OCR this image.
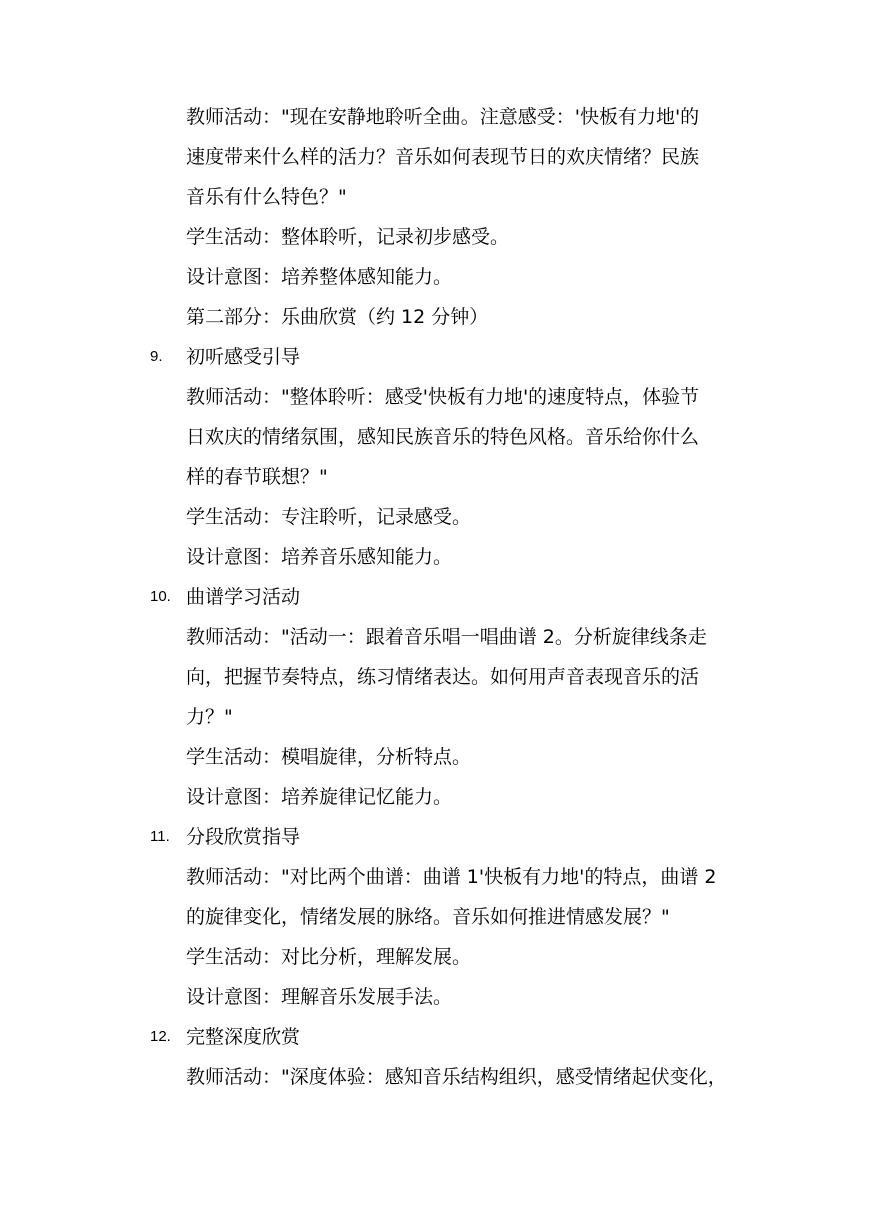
教师活动："现在安静地聆听全曲。注意感受：'快板有力地'的
速度带来什么样的活力？音乐如何表现节日的欢庆情绪？民族
音乐有什么特色？"
学生活动：整体聆听，记录初步感受。
设计意图：培养整体感知能力。
第二部分：乐曲欣赏（约 12 分钟）
9. 初听感受引导
教师活动："整体聆听：感受'快板有力地'的速度特点，体验节
日欢庆的情绪氛围，感知民族音乐的特色风格。音乐给你什么
样的春节联想？"
学生活动：专注聆听，记录感受。
设计意图：培养音乐感知能力。
10. 曲谱学习活动
教师活动："活动一：跟着音乐唱一唱曲谱 2。分析旋律线条走
向，把握节奏特点，练习情绪表达。如何用声音表现音乐的活
力？"
学生活动：模唱旋律，分析特点。
设计意图：培养旋律记忆能力。
11. 分段欣赏指导
教师活动："对比两个曲谱：曲谱 1'快板有力地'的特点，曲谱 2
的旋律变化，情绪发展的脉络。音乐如何推进情感发展？"
学生活动：对比分析，理解发展。
设计意图：理解音乐发展手法。
12. 完整深度欣赏
教师活动："深度体验：感知音乐结构组织，感受情绪起伏变化，
